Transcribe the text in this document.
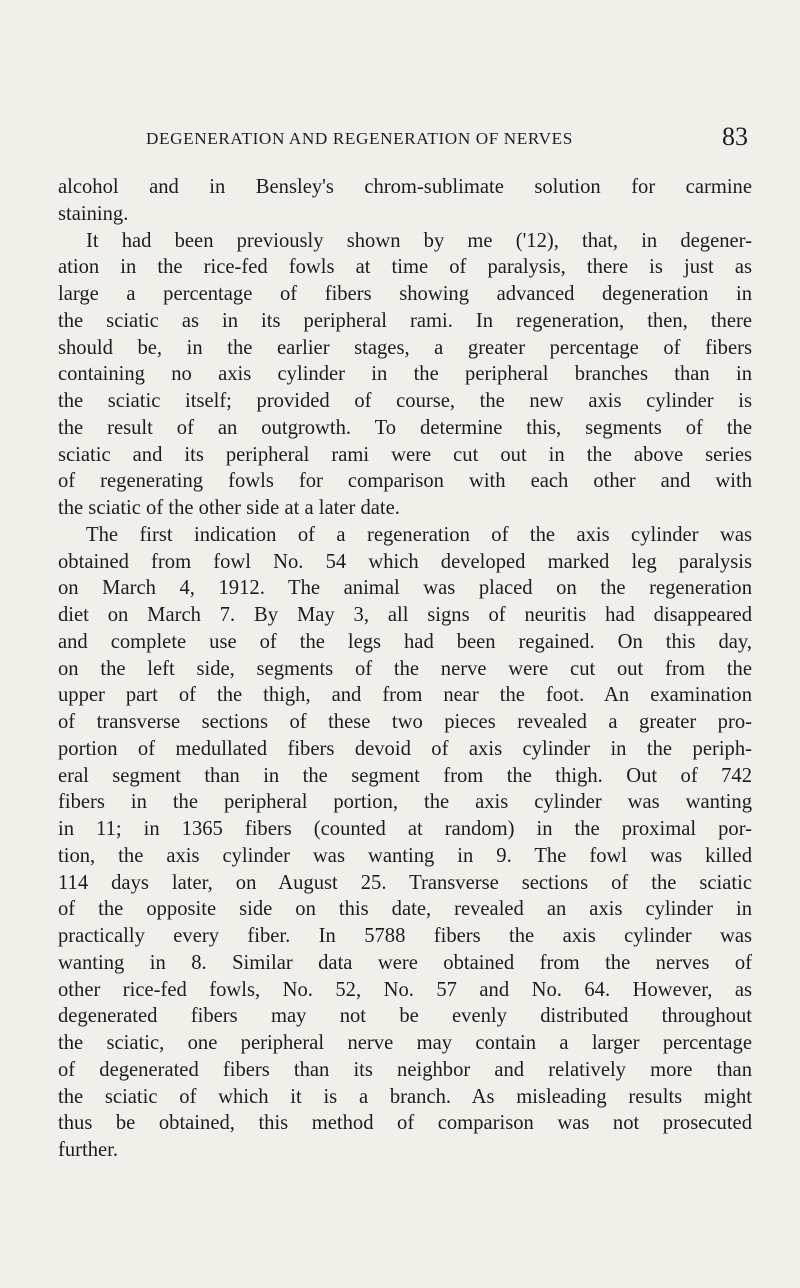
DEGENERATION AND REGENERATION OF NERVES	83
alcohol and in Bensley's chrom-sublimate solution for carmine
staining.
It had been previously shown by me ('12), that, in degener-
ation in the rice-fed fowls at time of paralysis, there is just as
large a percentage of fibers showing advanced degeneration in
the sciatic as in its peripheral rami. In regeneration, then, there
should be, in the earlier stages, a greater percentage of fibers
containing no axis cylinder in the peripheral branches than in
the sciatic itself; provided of course, the new axis cylinder is
the result of an outgrowth. To determine this, segments of the
sciatic and its peripheral rami were cut out in the above series
of regenerating fowls for comparison with each other and with
the sciatic of the other side at a later date.
The first indication of a regeneration of the axis cylinder was
obtained from fowl No. 54 which developed marked leg paralysis
on March 4, 1912. The animal was placed on the regeneration
diet on March 7. By May 3, all signs of neuritis had disappeared
and complete use of the legs had been regained. On this day,
on the left side, segments of the nerve were cut out from the
upper part of the thigh, and from near the foot. An examination
of transverse sections of these two pieces revealed a greater pro-
portion of medullated fibers devoid of axis cylinder in the periph-
eral segment than in the segment from the thigh. Out of 742
fibers in the peripheral portion, the axis cylinder was wanting
in 11; in 1365 fibers (counted at random) in the proximal por-
tion, the axis cylinder was wanting in 9. The fowl was killed
114 days later, on August 25. Transverse sections of the sciatic
of the opposite side on this date, revealed an axis cylinder in
practically every fiber. In 5788 fibers the axis cylinder was
wanting in 8. Similar data were obtained from the nerves of
other rice-fed fowls, No. 52, No. 57 and No. 64. However, as
degenerated fibers may not be evenly distributed throughout
the sciatic, one peripheral nerve may contain a larger percentage
of degenerated fibers than its neighbor and relatively more than
the sciatic of which it is a branch. As misleading results might
thus be obtained, this method of comparison was not prosecuted
further.
